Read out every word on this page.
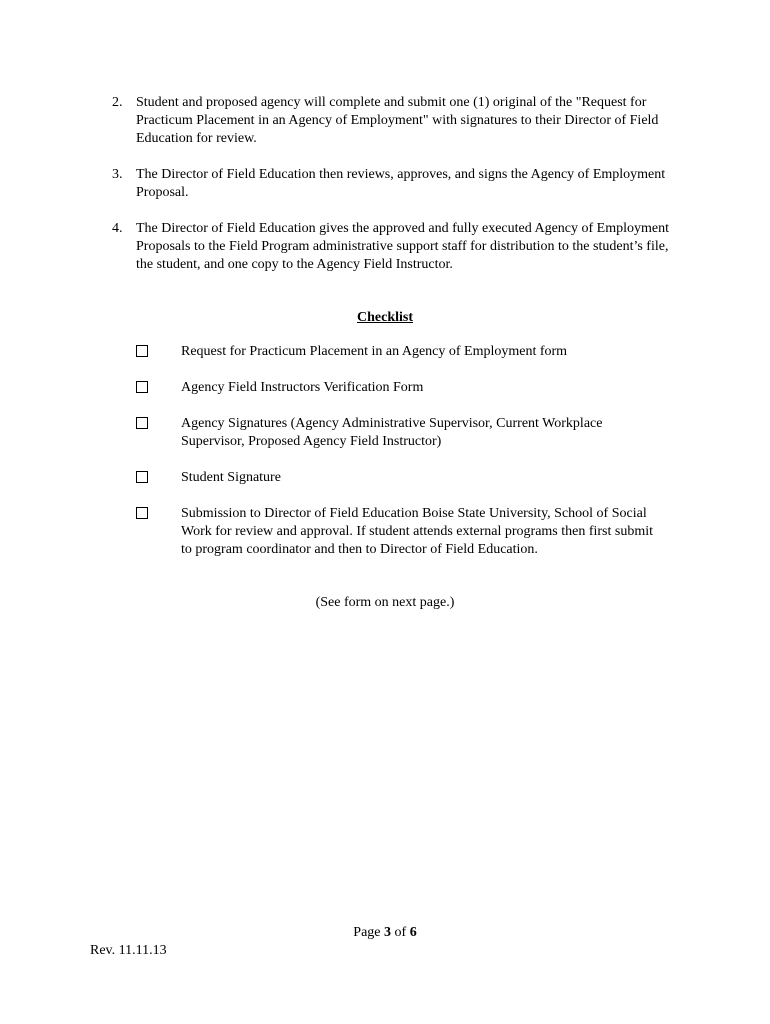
2. Student and proposed agency will complete and submit one (1) original of the "Request for Practicum Placement in an Agency of Employment" with signatures to their Director of Field Education for review.
3. The Director of Field Education then reviews, approves, and signs the Agency of Employment Proposal.
4. The Director of Field Education gives the approved and fully executed Agency of Employment Proposals to the Field Program administrative support staff for distribution to the student’s file, the student, and one copy to the Agency Field Instructor.
Checklist
Request for Practicum Placement in an Agency of Employment form
Agency Field Instructors Verification Form
Agency Signatures (Agency Administrative Supervisor, Current Workplace Supervisor, Proposed Agency Field Instructor)
Student Signature
Submission to Director of Field Education Boise State University, School of Social Work for review and approval. If student attends external programs then first submit to program coordinator and then to Director of Field Education.
(See form on next page.)
Page 3 of 6
Rev. 11.11.13
